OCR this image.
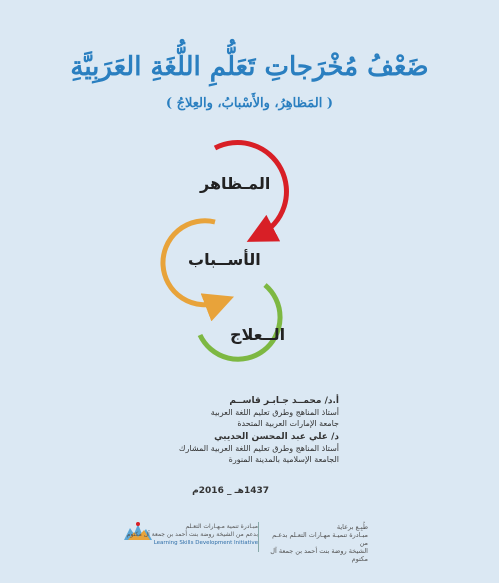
ضَعْفُ مُخْرَجاتِ تَعَلُّمِ اللُّغَةِ العَرَبِيَّةِ
( المَظاهِرُ، والأَسْبابُ، والعِلاجُ )
المـظاهر
الأســباب
الــعلاج
أ.د/ محمــد جـابـر قاســم
أستاذ المناهج وطرق تعليم اللغة العربية
جامعة الإمارات العربية المتحدة
د/ علي عبد المحسن الحديبي
أستاذ المناهج وطرق تعليم اللغة العربية المشارك
الجامعة الإسلامية بالمدينة المنورة
1437هـ _ 2016م
مبـادرة تنمية مـهـارات التعـلم
بدعم من الشيخة روضة بنت أحمد بن جمعة آل مكتوم
Learning Skills Development Initiative
طُبِـع برعاية
مبـادرة تنميـة مهـارات التعـلم بدعـم من
الشيخة روضة بنت أحمد بن جمعة آل مكتوم
